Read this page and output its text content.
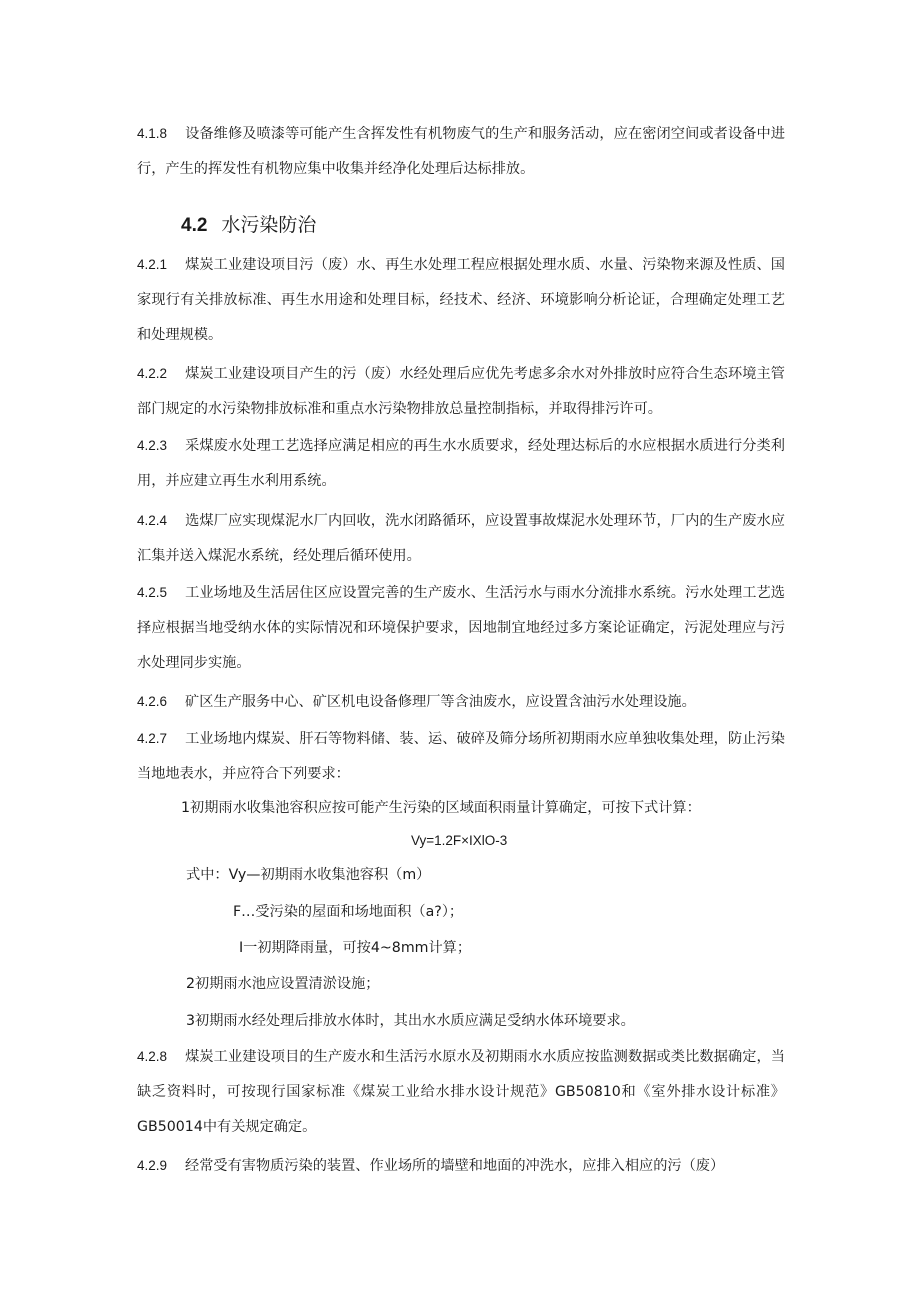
4.1.8 设备维修及喷漆等可能产生含挥发性有机物废气的生产和服务活动，应在密闭空间或者设备中进行，产生的挥发性有机物应集中收集并经净化处理后达标排放。

4.2 水污染防治

4.2.1 煤炭工业建设项目污（废）水、再生水处理工程应根据处理水质、水量、污染物来源及性质、国家现行有关排放标准、再生水用途和处理目标，经技术、经济、环境影响分析论证，合理确定处理工艺和处理规模。

4.2.2 煤炭工业建设项目产生的污（废）水经处理后应优先考虑多余水对外排放时应符合生态环境主管部门规定的水污染物排放标准和重点水污染物排放总量控制指标，并取得排污许可。

4.2.3 采煤废水处理工艺选择应满足相应的再生水水质要求，经处理达标后的水应根据水质进行分类利用，并应建立再生水利用系统。

4.2.4 选煤厂应实现煤泥水厂内回收，洗水闭路循环，应设置事故煤泥水处理环节，厂内的生产废水应汇集并送入煤泥水系统，经处理后循环使用。

4.2.5 工业场地及生活居住区应设置完善的生产废水、生活污水与雨水分流排水系统。污水处理工艺选择应根据当地受纳水体的实际情况和环境保护要求，因地制宜地经过多方案论证确定，污泥处理应与污水处理同步实施。

4.2.6 矿区生产服务中心、矿区机电设备修理厂等含油废水，应设置含油污水处理设施。

4.2.7 工业场地内煤炭、肝石等物料储、装、运、破碎及筛分场所初期雨水应单独收集处理，防止污染当地地表水，并应符合下列要求：

1初期雨水收集池容积应按可能产生污染的区域面积雨量计算确定，可按下式计算：

Vy=1.2F×IXlO-3

式中：Vy—初期雨水收集池容积（m）

F…受污染的屋面和场地面积（a?）；

I一初期降雨量，可按4~8mm计算；

2初期雨水池应设置清淤设施；

3初期雨水经处理后排放水体时，其出水水质应满足受纳水体环境要求。

4.2.8 煤炭工业建设项目的生产废水和生活污水原水及初期雨水水质应按监测数据或类比数据确定，当缺乏资料时，可按现行国家标准《煤炭工业给水排水设计规范》GB50810和《室外排水设计标准》GB50014中有关规定确定。

4.2.9 经常受有害物质污染的装置、作业场所的墙壁和地面的冲洗水，应排入相应的污（废）
